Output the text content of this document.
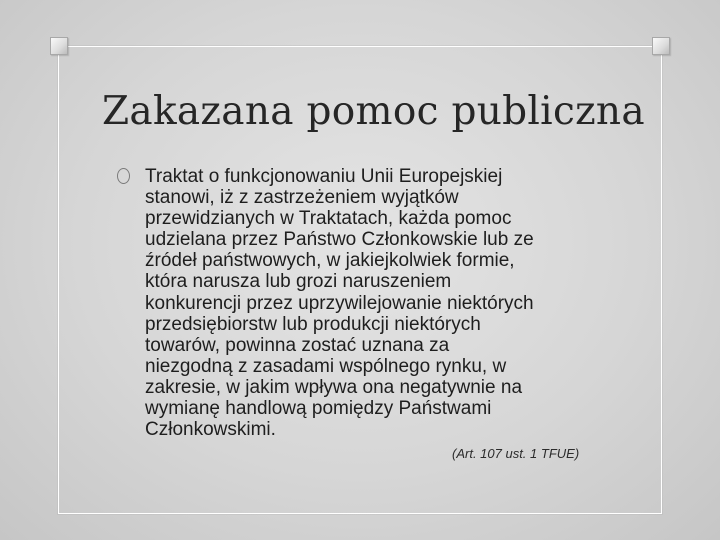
Zakazana pomoc publiczna

Traktat o funkcjonowaniu Unii Europejskiej
stanowi, iż z zastrzeżeniem wyjątków
przewidzianych w Traktatach, każda pomoc
udzielana przez Państwo Członkowskie lub ze
źródeł państwowych, w jakiejkolwiek formie,
która narusza lub grozi naruszeniem
konkurencji przez uprzywilejowanie niektórych
przedsiębiorstw lub produkcji niektórych
towarów, powinna zostać uznana za
niezgodną z zasadami wspólnego rynku, w
zakresie, w jakim wpływa ona negatywnie na
wymianę handlową pomiędzy Państwami
Członkowskimi.

(Art. 107 ust. 1 TFUE)
